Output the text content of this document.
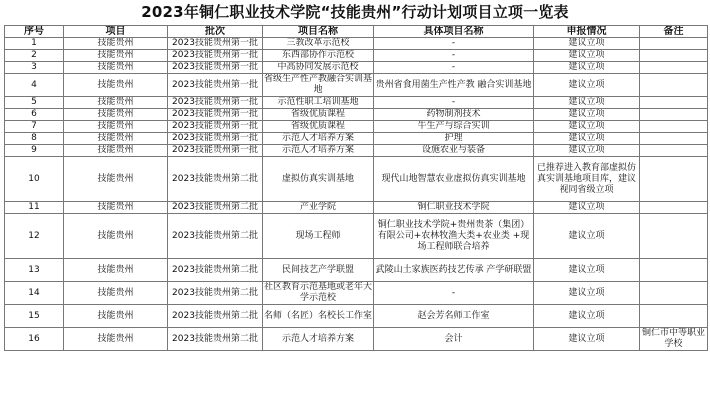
2023年铜仁职业技术学院“技能贵州”行动计划项目立项一览表
序号	项目	批次	项目名称	具体项目名称	申报情况	备注
1	技能贵州	2023技能贵州第一批	三教改革示范校	-	建议立项	
2	技能贵州	2023技能贵州第一批	东西部协作示范校	-	建议立项	
3	技能贵州	2023技能贵州第一批	中高协同发展示范校	-	建议立项	
4	技能贵州	2023技能贵州第一批	省级生产性产教融合实训基地	贵州省食用菌生产性产教 融合实训基地	建议立项	
5	技能贵州	2023技能贵州第一批	示范性职工培训基地	-	建议立项	
6	技能贵州	2023技能贵州第一批	省级优质课程	药物制剂技术	建议立项	
7	技能贵州	2023技能贵州第一批	省级优质课程	牛生产与综合实训	建议立项	
8	技能贵州	2023技能贵州第一批	示范人才培养方案	护理	建议立项	
9	技能贵州	2023技能贵州第一批	示范人才培养方案	设施农业与装备	建议立项	
10	技能贵州	2023技能贵州第二批	虚拟仿真实训基地	现代山地智慧农业虚拟仿真实训基地	已推荐进入教育部虚拟仿真实训基地项目库，建议视同省级立项	
11	技能贵州	2023技能贵州第二批	产业学院	铜仁职业技术学院	建议立项	
12	技能贵州	2023技能贵州第二批	现场工程师	铜仁职业技术学院+贵州贵茶（集团）有限公司+农林牧渔大类+农业类 +现场工程师联合培养	建议立项	
13	技能贵州	2023技能贵州第二批	民间技艺产学联盟	武陵山土家族医药技艺传承 产学研联盟	建议立项	
14	技能贵州	2023技能贵州第二批	社区教育示范基地或老年大学示范校	-	建议立项	
15	技能贵州	2023技能贵州第二批	名师（名匠）名校长工作室	赵会芳名师工作室	建议立项	
16	技能贵州	2023技能贵州第二批	示范人才培养方案	会计	建议立项	铜仁市中等职业学校
